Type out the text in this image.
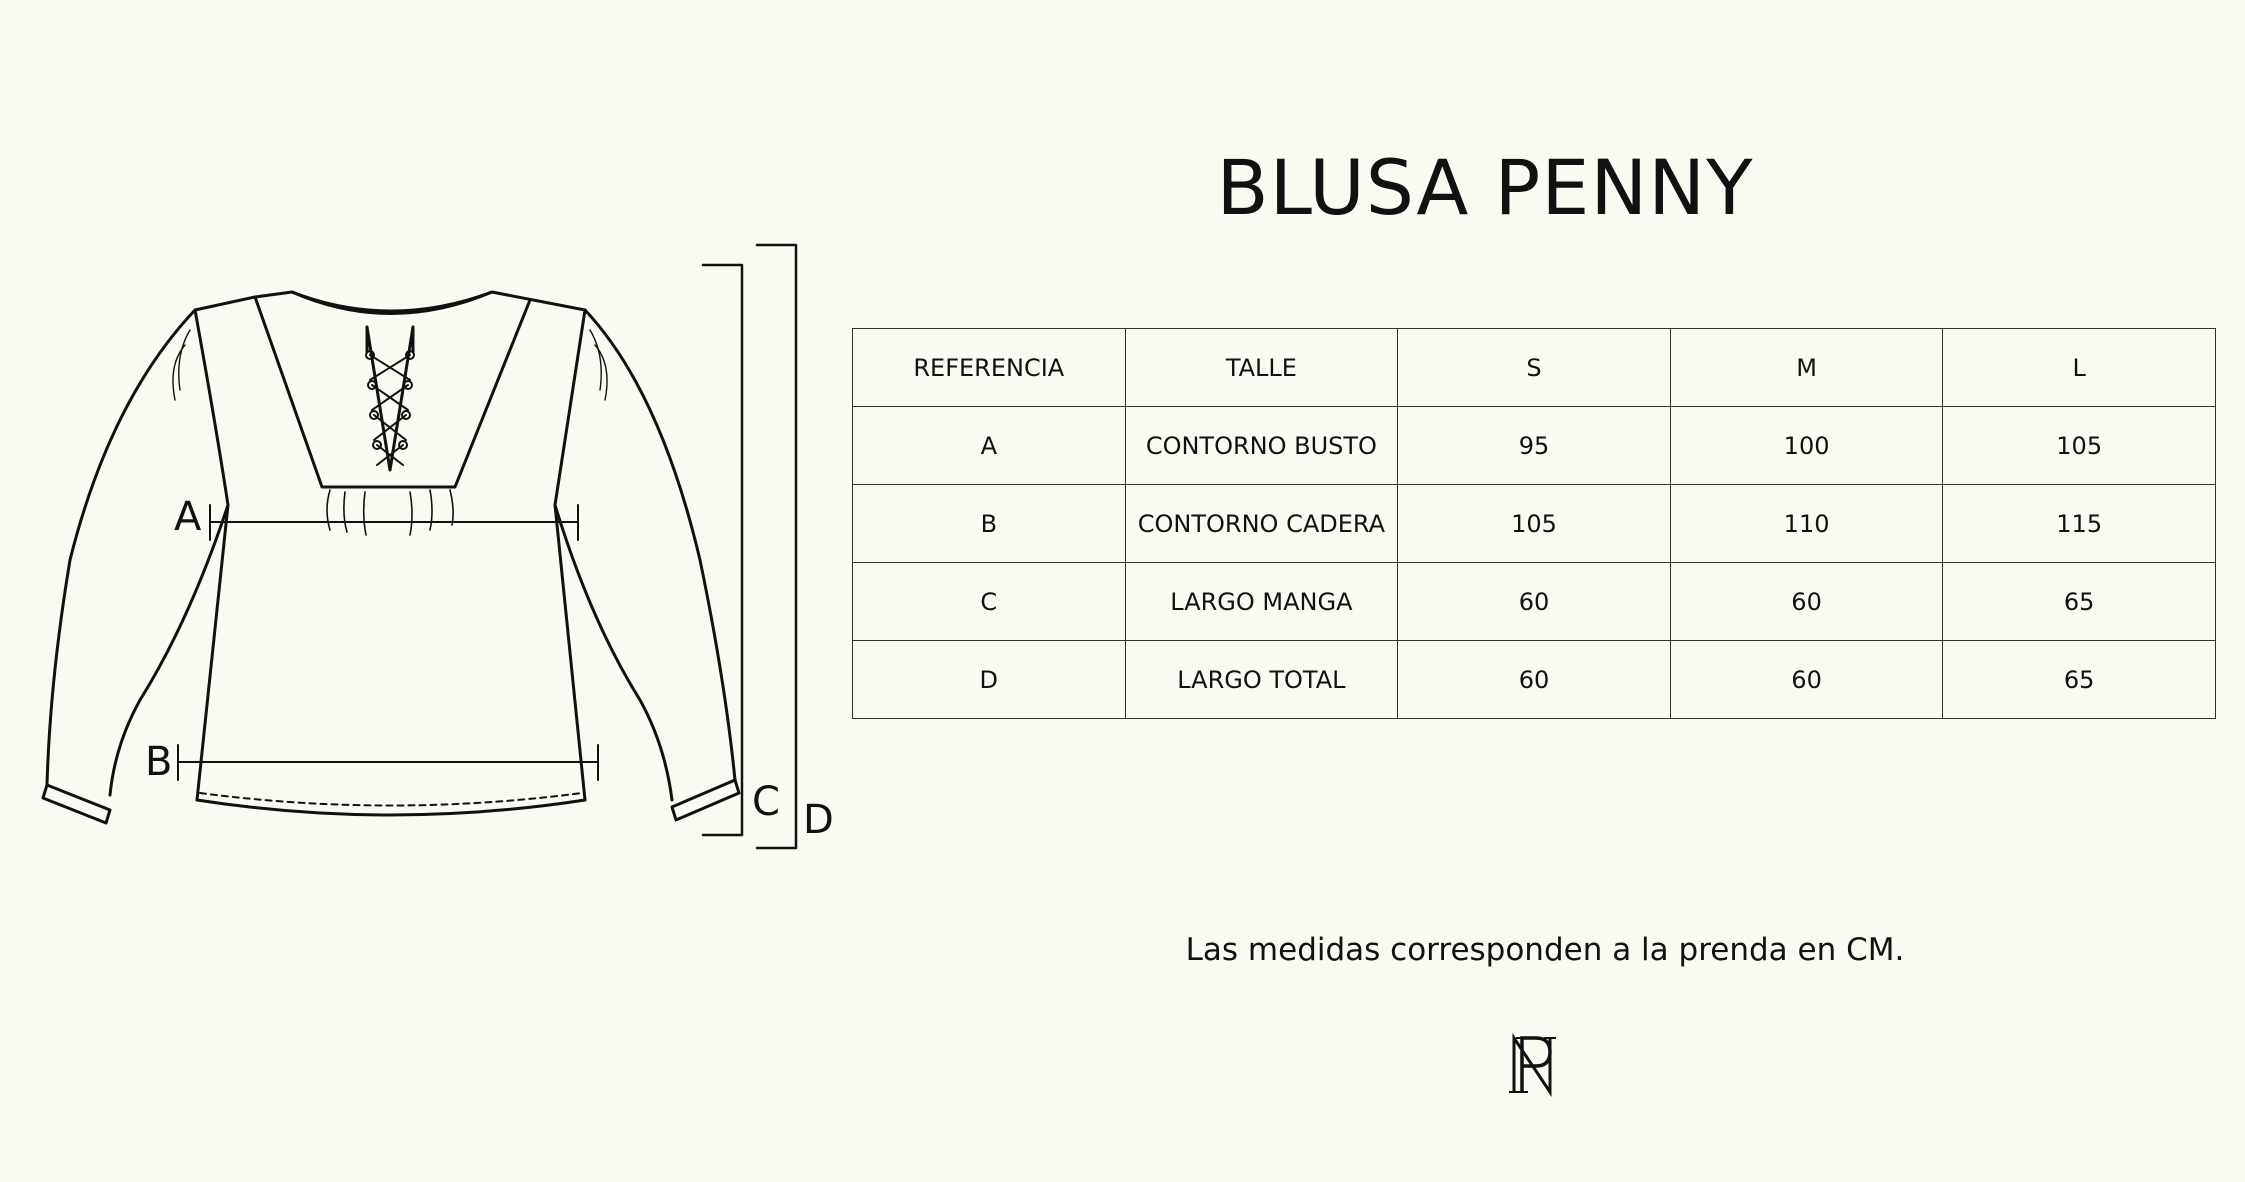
A
B
C D
BLUSA PENNY
REFERENCIA	TALLE	S	M	L
A	CONTORNO BUSTO	95	100	105
B	CONTORNO CADERA	105	110	115
C	LARGO MANGA	60	60	65
D	LARGO TOTAL	60	60	65
Las medidas corresponden a la prenda en CM.
